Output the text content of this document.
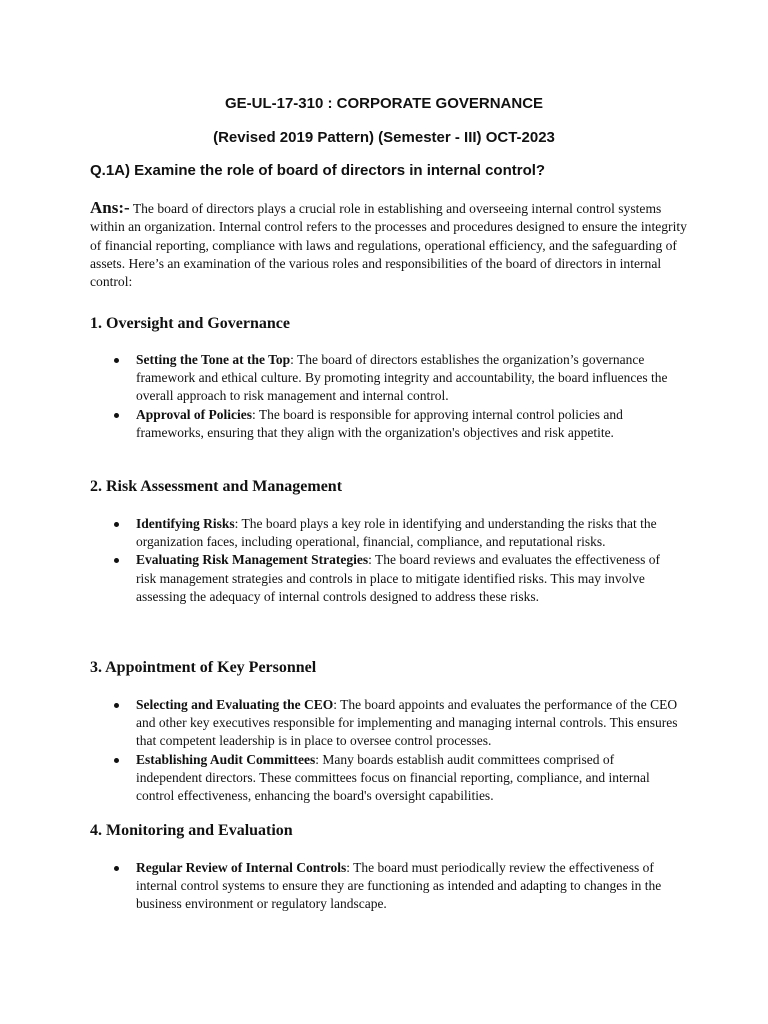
GE-UL-17-310 : CORPORATE GOVERNANCE
(Revised 2019 Pattern) (Semester - III) OCT-2023
Q.1A) Examine the role of board of directors in internal control?

Ans:- The board of directors plays a crucial role in establishing and overseeing internal control systems within an organization. Internal control refers to the processes and procedures designed to ensure the integrity of financial reporting, compliance with laws and regulations, operational efficiency, and the safeguarding of assets. Here’s an examination of the various roles and responsibilities of the board of directors in internal control:

1. Oversight and Governance
Setting the Tone at the Top: The board of directors establishes the organization’s governance framework and ethical culture. By promoting integrity and accountability, the board influences the overall approach to risk management and internal control.
Approval of Policies: The board is responsible for approving internal control policies and frameworks, ensuring that they align with the organization's objectives and risk appetite.
2. Risk Assessment and Management
Identifying Risks: The board plays a key role in identifying and understanding the risks that the organization faces, including operational, financial, compliance, and reputational risks.
Evaluating Risk Management Strategies: The board reviews and evaluates the effectiveness of risk management strategies and controls in place to mitigate identified risks. This may involve assessing the adequacy of internal controls designed to address these risks.
3. Appointment of Key Personnel
Selecting and Evaluating the CEO: The board appoints and evaluates the performance of the CEO and other key executives responsible for implementing and managing internal controls. This ensures that competent leadership is in place to oversee control processes.
Establishing Audit Committees: Many boards establish audit committees comprised of independent directors. These committees focus on financial reporting, compliance, and internal control effectiveness, enhancing the board's oversight capabilities.
4. Monitoring and Evaluation
Regular Review of Internal Controls: The board must periodically review the effectiveness of internal control systems to ensure they are functioning as intended and adapting to changes in the business environment or regulatory landscape.
